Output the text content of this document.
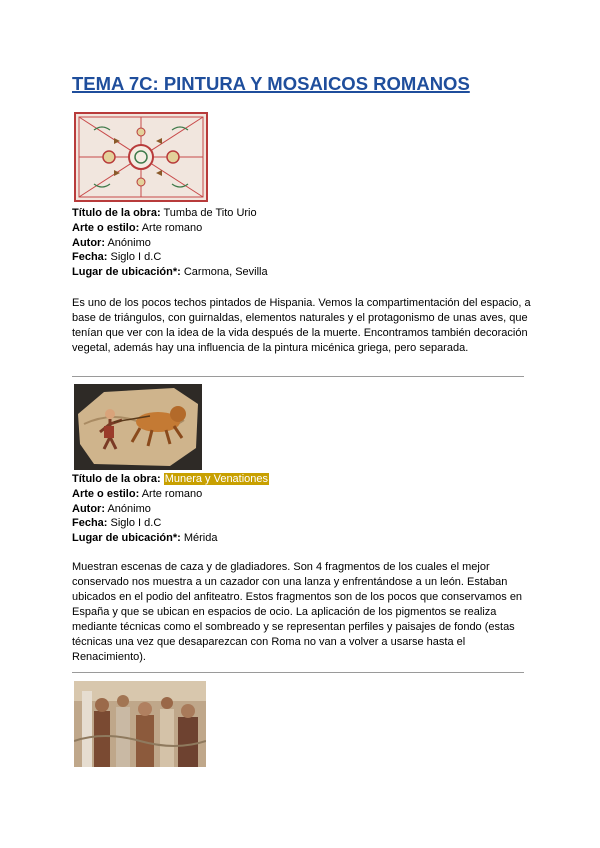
TEMA 7C: PINTURA Y MOSAICOS ROMANOS
Título de la obra: Tumba de Tito Urio
Arte o estilo: Arte romano
Autor: Anónimo
Fecha: Siglo I d.C
Lugar de ubicación*: Carmona, Sevilla

Es uno de los pocos techos pintados de Hispania. Vemos la compartimentación del espacio, a base de triángulos, con guirnaldas, elementos naturales y el protagonismo de unas aves, que tenían que ver con la idea de la vida después de la muerte. Encontramos también decoración vegetal, además hay una influencia de la pintura micénica griega, pero separada.

Título de la obra: Munera y Venationes
Arte o estilo: Arte romano
Autor: Anónimo
Fecha: Siglo I d.C
Lugar de ubicación*: Mérida

Muestran escenas de caza y de gladiadores. Son 4 fragmentos de los cuales el mejor conservado nos muestra a un cazador con una lanza y enfrentándose a un león. Estaban ubicados en el podio del anfiteatro. Estos fragmentos son de los pocos que conservamos en España y que se ubican en espacios de ocio. La aplicación de los pigmentos se realiza mediante técnicas como el sombreado y se representan perfiles y paisajes de fondo (estas técnicas una vez que desaparezcan con Roma no van a volver a usarse hasta el Renacimiento).
